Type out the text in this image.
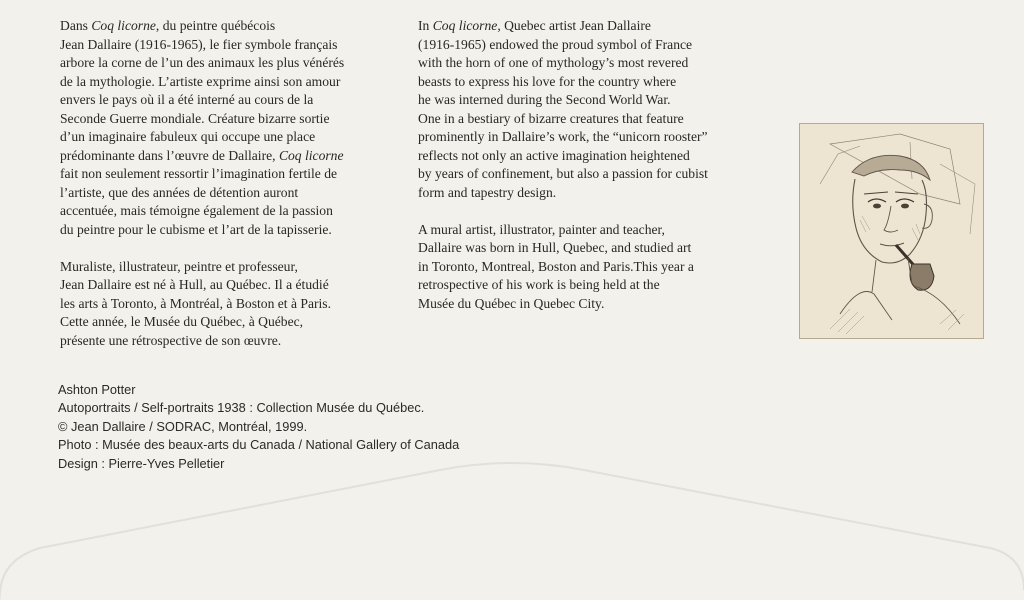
Dans Coq licorne, du peintre québécois
Jean Dallaire (1916-1965), le fier symbole français
arbore la corne de l’un des animaux les plus vénérés
de la mythologie. L’artiste exprime ainsi son amour
envers le pays où il a été interné au cours de la
Seconde Guerre mondiale. Créature bizarre sortie
d’un imaginaire fabuleux qui occupe une place
prédominante dans l’œuvre de Dallaire, Coq licorne
fait non seulement ressortir l’imagination fertile de
l’artiste, que des années de détention auront
accentuée, mais témoigne également de la passion
du peintre pour le cubisme et l’art de la tapisserie.

Muraliste, illustrateur, peintre et professeur,
Jean Dallaire est né à Hull, au Québec. Il a étudié
les arts à Toronto, à Montréal, à Boston et à Paris.
Cette année, le Musée du Québec, à Québec,
présente une rétrospective de son œuvre.

In Coq licorne, Quebec artist Jean Dallaire
(1916-1965) endowed the proud symbol of France
with the horn of one of mythology’s most revered
beasts to express his love for the country where
he was interned during the Second World War.
One in a bestiary of bizarre creatures that feature
prominently in Dallaire’s work, the “unicorn rooster”
reflects not only an active imagination heightened
by years of confinement, but also a passion for cubist
form and tapestry design.

A mural artist, illustrator, painter and teacher,
Dallaire was born in Hull, Quebec, and studied art
in Toronto, Montreal, Boston and Paris.This year a
retrospective of his work is being held at the
Musée du Québec in Quebec City.

Ashton Potter
Autoportraits / Self-portraits 1938 : Collection Musée du Québec.
© Jean Dallaire / SODRAC, Montréal, 1999.
Photo : Musée des beaux-arts du Canada / National Gallery of Canada
Design : Pierre-Yves Pelletier
